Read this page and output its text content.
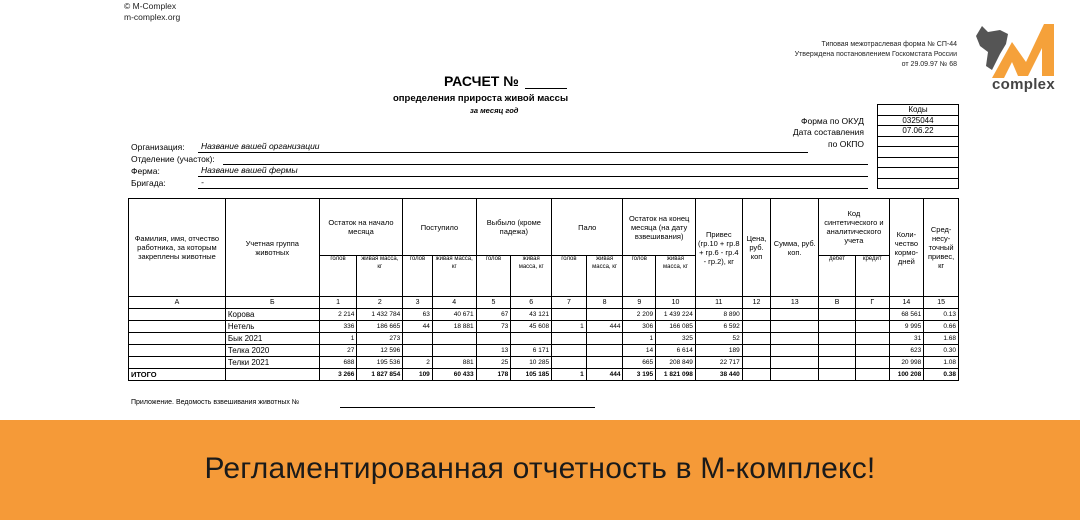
© M-Complex
m-complex.org
complex
Типовая межотраслевая форма № СП-44
Утверждена постановлением Госкомстата России
от 29.09.97 № 68
РАСЧЕТ №
определения прироста живой массы
за месяц год	Коды
0325044
07.06.22

Форма по ОКУД
Дата составления
по ОКПО
Организация: Название вашей организации
Отделение (участок):
Ферма:	Название вашей фермы
Бригада:	-
Фамилия, имя, отчество работника, за которым закреплены животные	Учетная группа животных	Остаток на начало месяца		Поступило		Выбыло (кроме падежа)		Пало		Остаток на конец месяца (на дату взвешивания)		Привес (гр.10 + гр.8 + гр.6 - гр.4 - гр.2), кг	Цена, руб. коп	Сумма, руб. коп.	Код синтетического и аналитического учета		Коли-чество кормо-дней	Сред-несу-точный привес, кг
		голов	живая масса, кг	голов	живая масса, кг	голов	живая масса, кг	голов	живая масса, кг	голов	живая масса, кг				дебет	кредит		
А	Б	1	2	3	4	5	6	7	8	9	10	11	12	13	В	Г	14	15
	Корова	2 214	1 432 784	63	40 671	67	43 121			2 209	1 439 224	8 890					68 561	0.13
	Нетель	336	186 665	44	18 881	73	45 608	1	444	306	166 085	6 592					9 995	0.66
	Бык 2021	1	273							1	325	52					31	1.68
	Телка 2020	27	12 596			13	6 171			14	6 614	189					623	0.30
	Телки 2021	688	195 536	2	881	25	10 285			665	208 849	22 717					20 998	1.08
ИТОГО		3 266	1 827 854	109	60 433	178	105 185	1	444	3 195	1 821 098	38 440					100 208	0.38
Приложение. Ведомость взвешивания животных №
Регламентированная отчетность в М-комплекс!
